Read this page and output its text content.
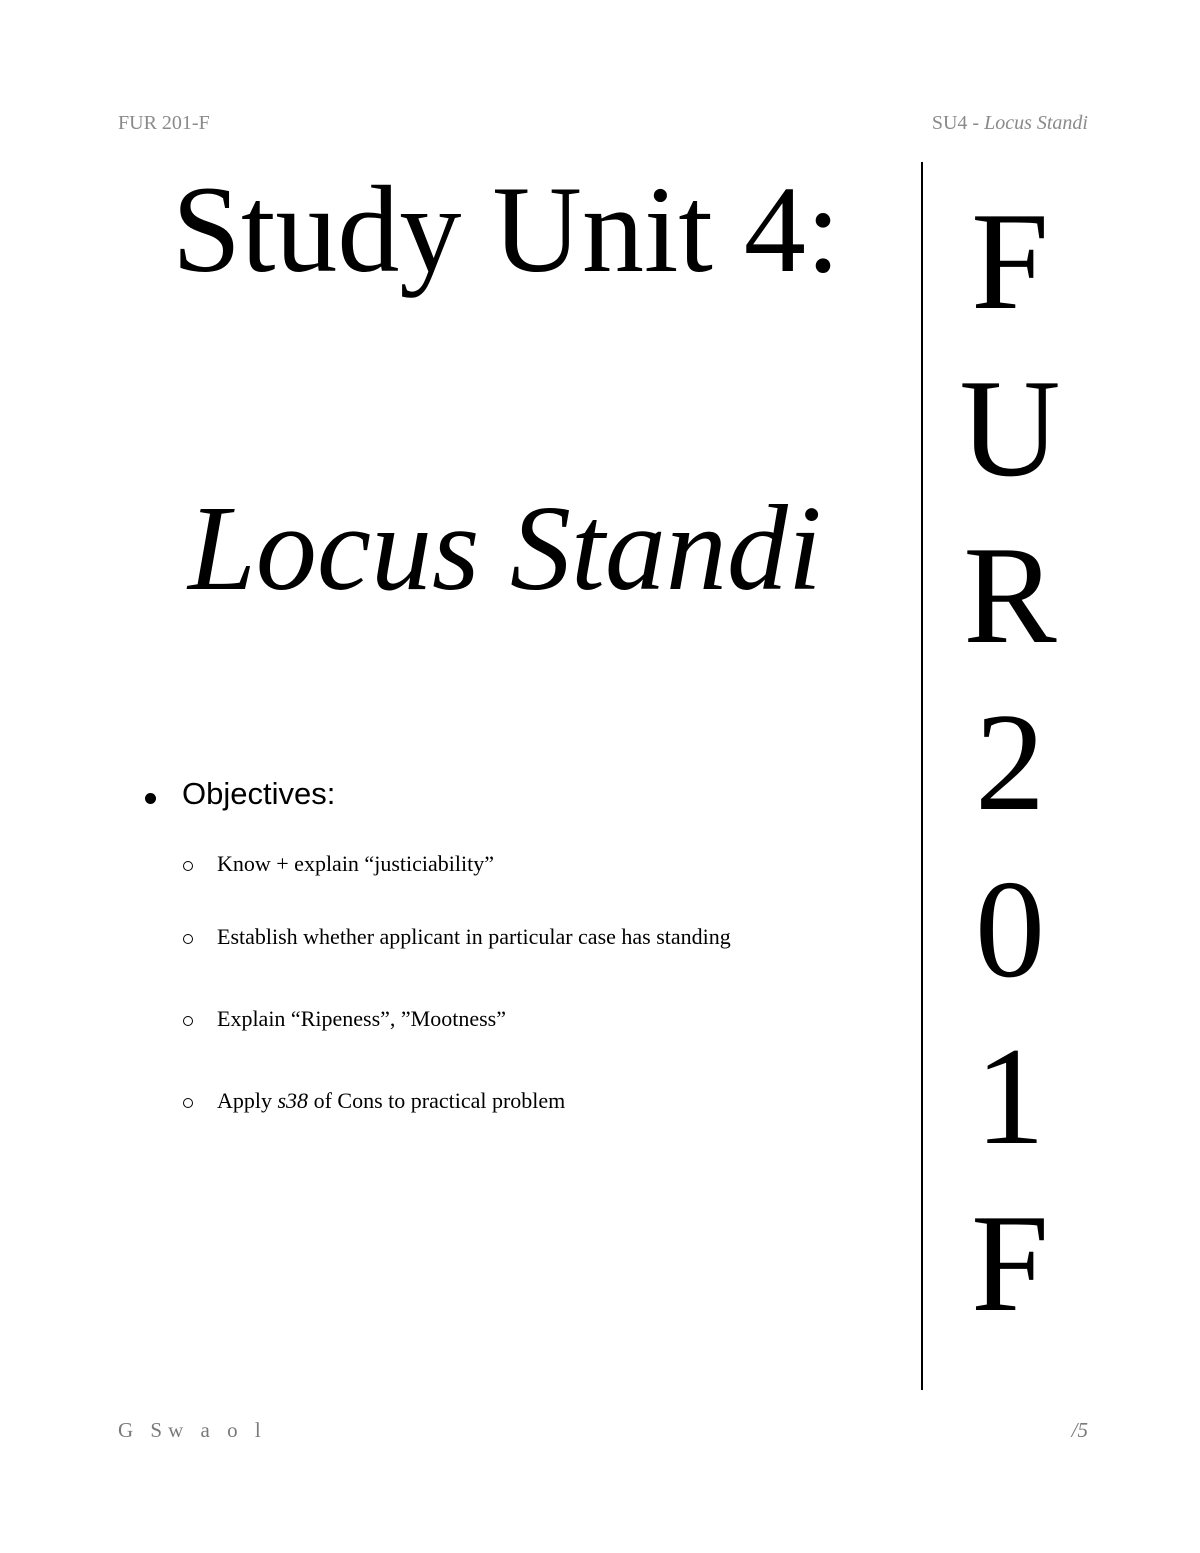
FUR 201-F	SU4 - Locus Standi
Study Unit 4:
Locus Standi
F
U
R
2
0
1
F
Objectives:
Know + explain “justiciability”
Establish whether applicant in particular case has standing
Explain “Ripeness”, ”Mootness”
Apply s38 of Cons to practical problem
G Sw a o l	/5
